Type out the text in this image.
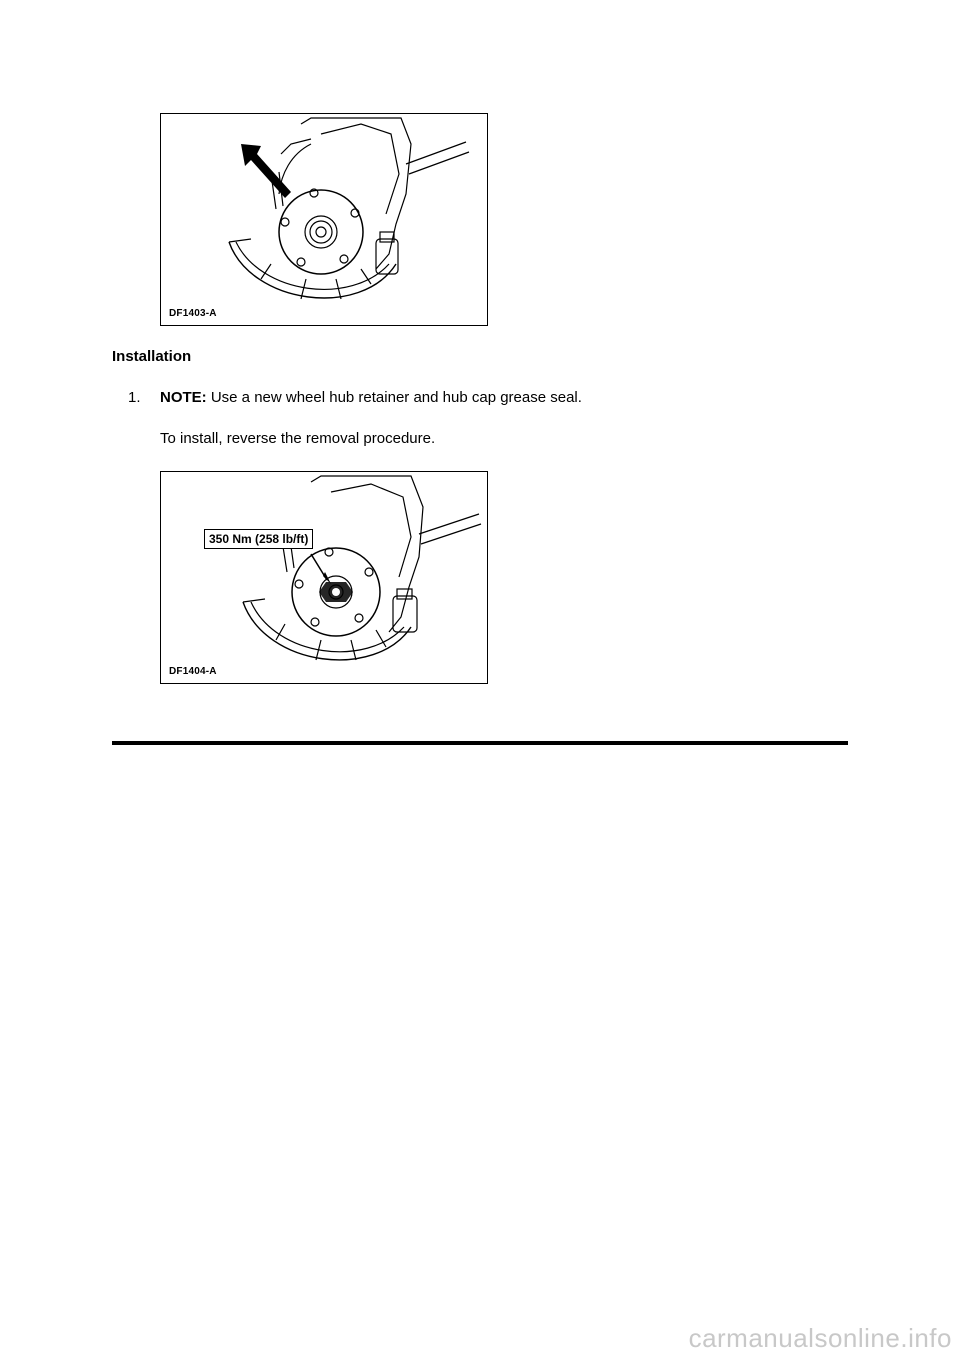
DF1403-A
Installation
1. NOTE: Use a new wheel hub retainer and hub cap grease seal.
To install, reverse the removal procedure.
350 Nm (258 lb/ft)
DF1404-A
carmanualsonline.info
